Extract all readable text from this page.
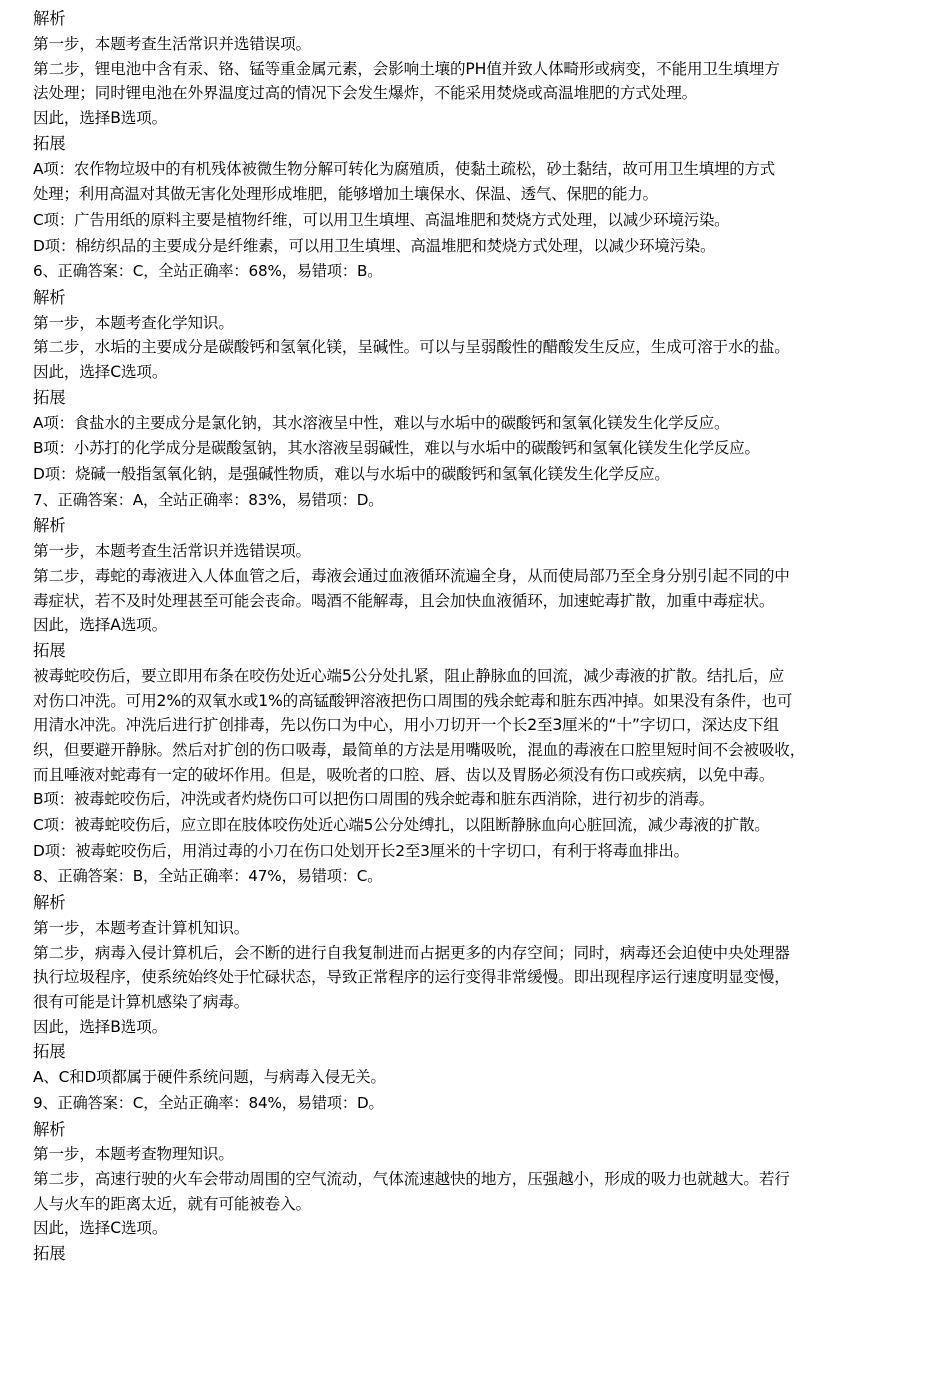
解析
第一步，本题考查生活常识并选错误项。
第二步，锂电池中含有汞、铬、锰等重金属元素，会影响土壤的PH值并致人体畸形或病变，不能用卫生填埋方
法处理；同时锂电池在外界温度过高的情况下会发生爆炸，不能采用焚烧或高温堆肥的方式处理。
因此，选择B选项。
拓展
A项：农作物垃圾中的有机残体被微生物分解可转化为腐殖质，使黏土疏松，砂土黏结，故可用卫生填埋的方式
处理；利用高温对其做无害化处理形成堆肥，能够增加土壤保水、保温、透气、保肥的能力。
C项：广告用纸的原料主要是植物纤维，可以用卫生填埋、高温堆肥和焚烧方式处理，以减少环境污染。
D项：棉纺织品的主要成分是纤维素，可以用卫生填埋、高温堆肥和焚烧方式处理，以减少环境污染。
6、正确答案：C，全站正确率：68%，易错项：B。
解析
第一步，本题考查化学知识。
第二步，水垢的主要成分是碳酸钙和氢氧化镁，呈碱性。可以与呈弱酸性的醋酸发生反应，生成可溶于水的盐。
因此，选择C选项。
拓展
A项：食盐水的主要成分是氯化钠，其水溶液呈中性，难以与水垢中的碳酸钙和氢氧化镁发生化学反应。
B项：小苏打的化学成分是碳酸氢钠，其水溶液呈弱碱性，难以与水垢中的碳酸钙和氢氧化镁发生化学反应。
D项：烧碱一般指氢氧化钠，是强碱性物质，难以与水垢中的碳酸钙和氢氧化镁发生化学反应。
7、正确答案：A，全站正确率：83%，易错项：D。
解析
第一步，本题考查生活常识并选错误项。
第二步，毒蛇的毒液进入人体血管之后，毒液会通过血液循环流遍全身，从而使局部乃至全身分别引起不同的中
毒症状，若不及时处理甚至可能会丧命。喝酒不能解毒，且会加快血液循环，加速蛇毒扩散，加重中毒症状。
因此，选择A选项。
拓展
被毒蛇咬伤后，要立即用布条在咬伤处近心端5公分处扎紧，阻止静脉血的回流，减少毒液的扩散。结扎后，应
对伤口冲洗。可用2%的双氧水或1%的高锰酸钾溶液把伤口周围的残余蛇毒和脏东西冲掉。如果没有条件，也可
用清水冲洗。冲洗后进行扩创排毒，先以伤口为中心，用小刀切开一个长2至3厘米的“十”字切口，深达皮下组
织，但要避开静脉。然后对扩创的伤口吸毒，最简单的方法是用嘴吸吮，混血的毒液在口腔里短时间不会被吸收，
而且唾液对蛇毒有一定的破坏作用。但是，吸吮者的口腔、唇、齿以及胃肠必须没有伤口或疾病，以免中毒。
B项：被毒蛇咬伤后，冲洗或者灼烧伤口可以把伤口周围的残余蛇毒和脏东西消除，进行初步的消毒。
C项：被毒蛇咬伤后，应立即在肢体咬伤处近心端5公分处缚扎，以阻断静脉血向心脏回流，减少毒液的扩散。
D项：被毒蛇咬伤后，用消过毒的小刀在伤口处划开长2至3厘米的十字切口，有利于将毒血排出。
8、正确答案：B，全站正确率：47%，易错项：C。
解析
第一步，本题考查计算机知识。
第二步，病毒入侵计算机后，会不断的进行自我复制进而占据更多的内存空间；同时，病毒还会迫使中央处理器
执行垃圾程序，使系统始终处于忙碌状态，导致正常程序的运行变得非常缓慢。即出现程序运行速度明显变慢，
很有可能是计算机感染了病毒。
因此，选择B选项。
拓展
A、C和D项都属于硬件系统问题，与病毒入侵无关。
9、正确答案：C，全站正确率：84%，易错项：D。
解析
第一步，本题考查物理知识。
第二步，高速行驶的火车会带动周围的空气流动，气体流速越快的地方，压强越小，形成的吸力也就越大。若行
人与火车的距离太近，就有可能被卷入。
因此，选择C选项。
拓展
